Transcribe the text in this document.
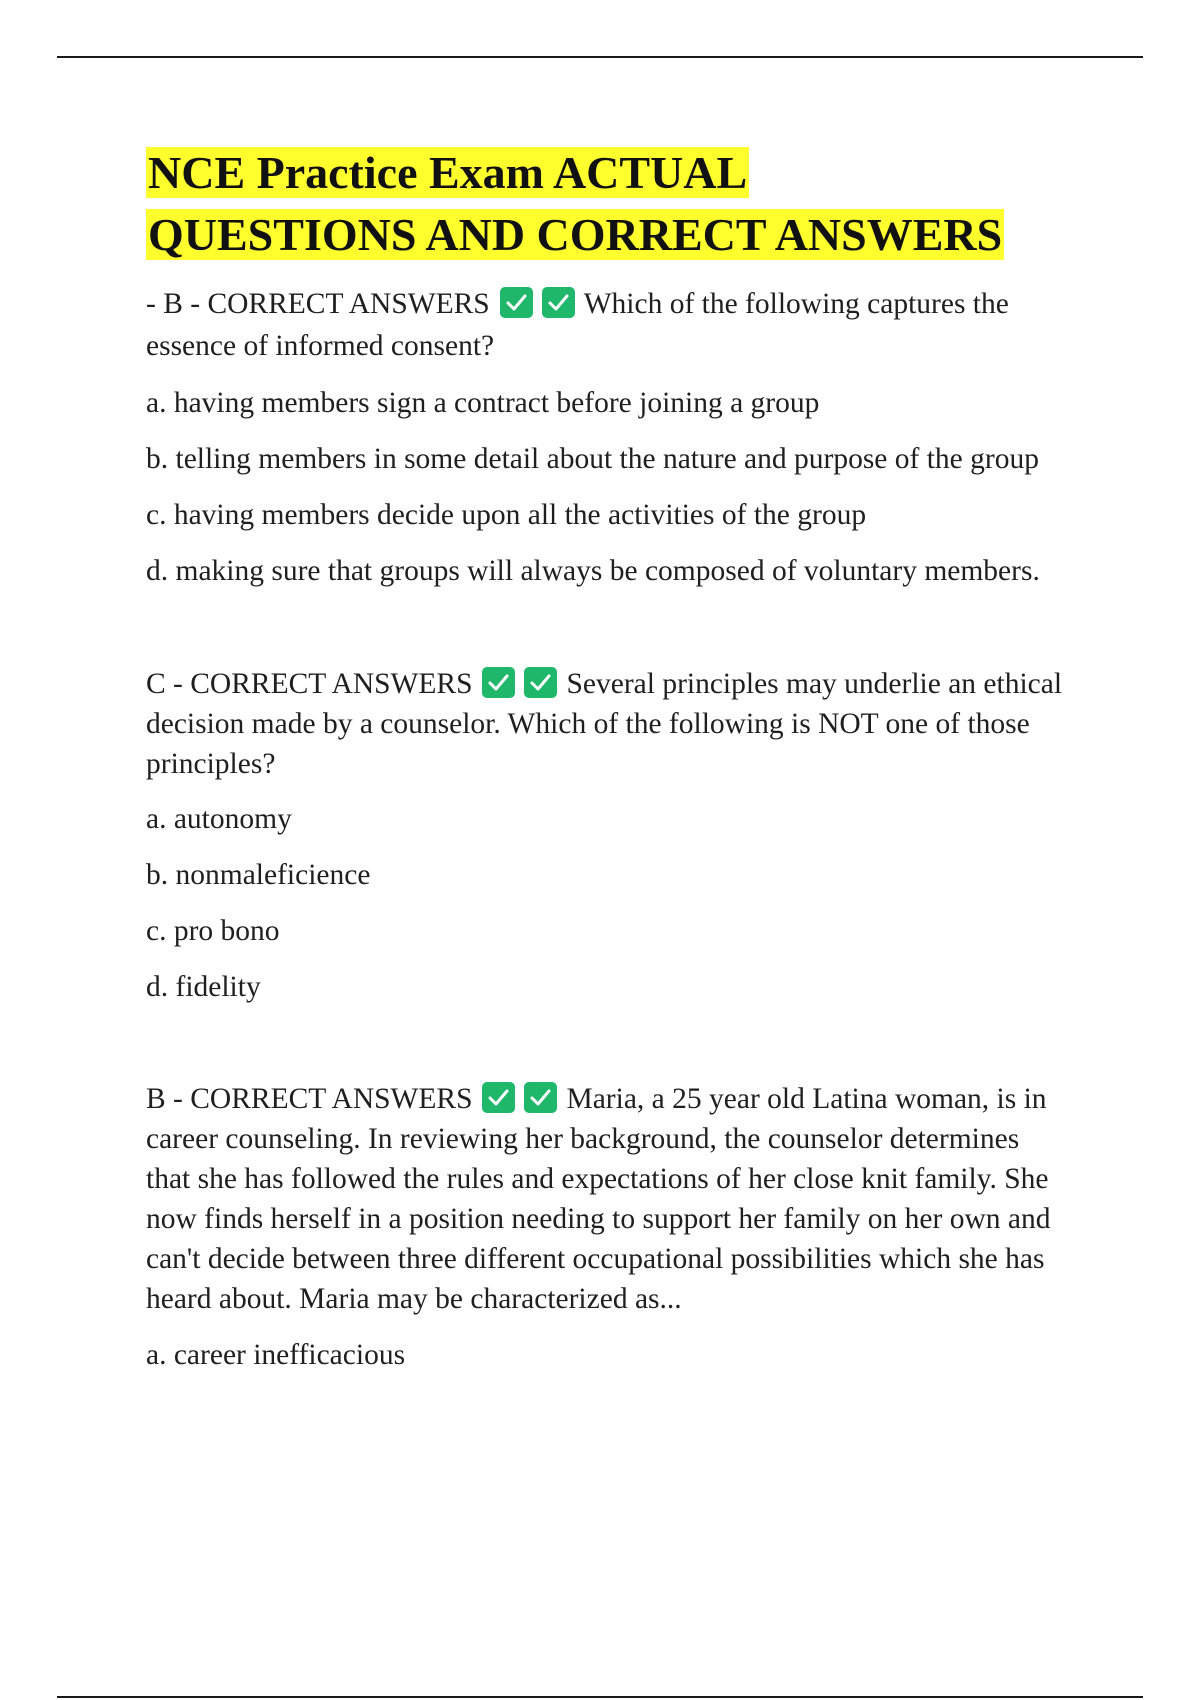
NCE Practice Exam ACTUAL
QUESTIONS AND CORRECT ANSWERS

- B - CORRECT ANSWERS	Which of the following captures the essence of informed consent?

a. having members sign a contract before joining a group

b. telling members in some detail about the nature and purpose of the group

c. having members decide upon all the activities of the group

d. making sure that groups will always be composed of voluntary members.

C - CORRECT ANSWERS	Several principles may underlie an ethical decision made by a counselor. Which of the following is NOT one of those principles?

a. autonomy

b. nonmaleficience

c. pro bono

d. fidelity

B - CORRECT ANSWERS	Maria, a 25 year old Latina woman, is in career counseling. In reviewing her background, the counselor determines that she has followed the rules and expectations of her close knit family. She now finds herself in a position needing to support her family on her own and can't decide between three different occupational possibilities which she has heard about. Maria may be characterized as...

a. career inefficacious
